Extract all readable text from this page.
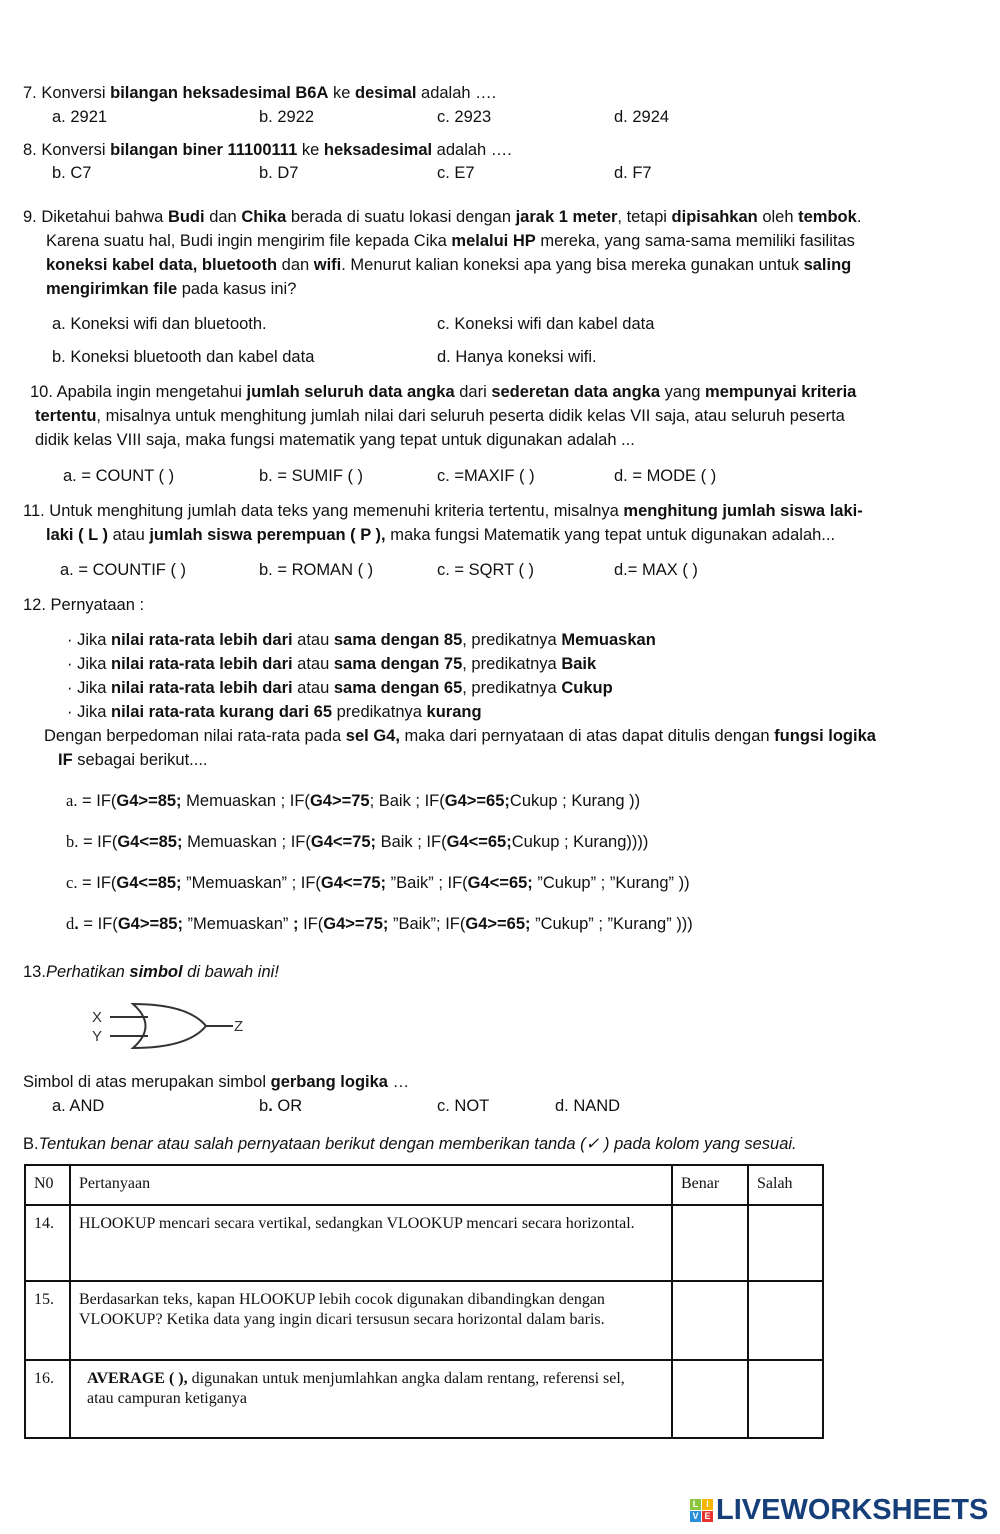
7. Konversi bilangan heksadesimal B6A ke desimal adalah ….
a. 2921	b. 2922	c. 2923	d. 2924
8. Konversi bilangan biner 11100111 ke heksadesimal adalah ….
b. C7	b. D7	c. E7	d. F7
9. Diketahui bahwa Budi dan Chika berada di suatu lokasi dengan jarak 1 meter, tetapi dipisahkan oleh tembok.
Karena suatu hal, Budi ingin mengirim file kepada Cika melalui HP mereka, yang sama-sama memiliki fasilitas
koneksi kabel data, bluetooth dan wifi. Menurut kalian koneksi apa yang bisa mereka gunakan untuk saling
mengirimkan file pada kasus ini?
a. Koneksi wifi dan bluetooth.	c. Koneksi wifi dan kabel data
b. Koneksi bluetooth dan kabel data	d. Hanya koneksi wifi.
10. Apabila ingin mengetahui jumlah seluruh data angka dari sederetan data angka yang mempunyai kriteria
tertentu, misalnya untuk menghitung jumlah nilai dari seluruh peserta didik kelas VII saja, atau seluruh peserta
didik kelas VIII saja, maka fungsi matematik yang tepat untuk digunakan adalah ...
a. = COUNT ( )	b. = SUMIF ( )	c. =MAXIF ( )	d. = MODE ( )
11. Untuk menghitung jumlah data teks yang memenuhi kriteria tertentu, misalnya menghitung jumlah siswa laki-
laki ( L ) atau jumlah siswa perempuan ( P ), maka fungsi Matematik yang tepat untuk digunakan adalah...
a. = COUNTIF ( )	b. = ROMAN ( )	c. = SQRT ( )	d.= MAX ( )
12. Pernyataan :
· Jika nilai rata-rata lebih dari atau sama dengan 85, predikatnya Memuaskan
· Jika nilai rata-rata lebih dari atau sama dengan 75, predikatnya Baik
· Jika nilai rata-rata lebih dari atau sama dengan 65, predikatnya Cukup
· Jika nilai rata-rata kurang dari 65 predikatnya kurang
Dengan berpedoman nilai rata-rata pada sel G4, maka dari pernyataan di atas dapat ditulis dengan fungsi logika
IF sebagai berikut....
a. = IF(G4>=85; Memuaskan ; IF(G4>=75; Baik ; IF(G4>=65;Cukup ; Kurang ))
b. = IF(G4<=85; Memuaskan ; IF(G4<=75; Baik ; IF(G4<=65;Cukup ; Kurang))))
c. = IF(G4<=85; ”Memuaskan” ; IF(G4<=75; ”Baik” ; IF(G4<=65; ”Cukup” ; ”Kurang” ))
d. = IF(G4>=85; ”Memuaskan” ; IF(G4>=75; ”Baik”; IF(G4>=65; ”Cukup” ; ”Kurang” )))
13.Perhatikan simbol di bawah ini!
X
Y
Z
Simbol di atas merupakan simbol gerbang logika …
a. AND	b. OR	c. NOT	d. NAND
B.Tentukan benar atau salah pernyataan berikut dengan memberikan tanda (✓ ) pada kolom yang sesuai.
N0	Pertanyaan	Benar	Salah
14.	HLOOKUP mencari secara vertikal, sedangkan VLOOKUP mencari secara horizontal.		
15.	Berdasarkan teks, kapan HLOOKUP lebih cocok digunakan dibandingkan dengan VLOOKUP? Ketika data yang ingin dicari tersusun secara horizontal dalam baris.		
16.	AVERAGE ( ), digunakan untuk menjumlahkan angka dalam rentang, referensi sel, atau campuran ketiganya		
L I
V E LIVEWORKSHEETS
